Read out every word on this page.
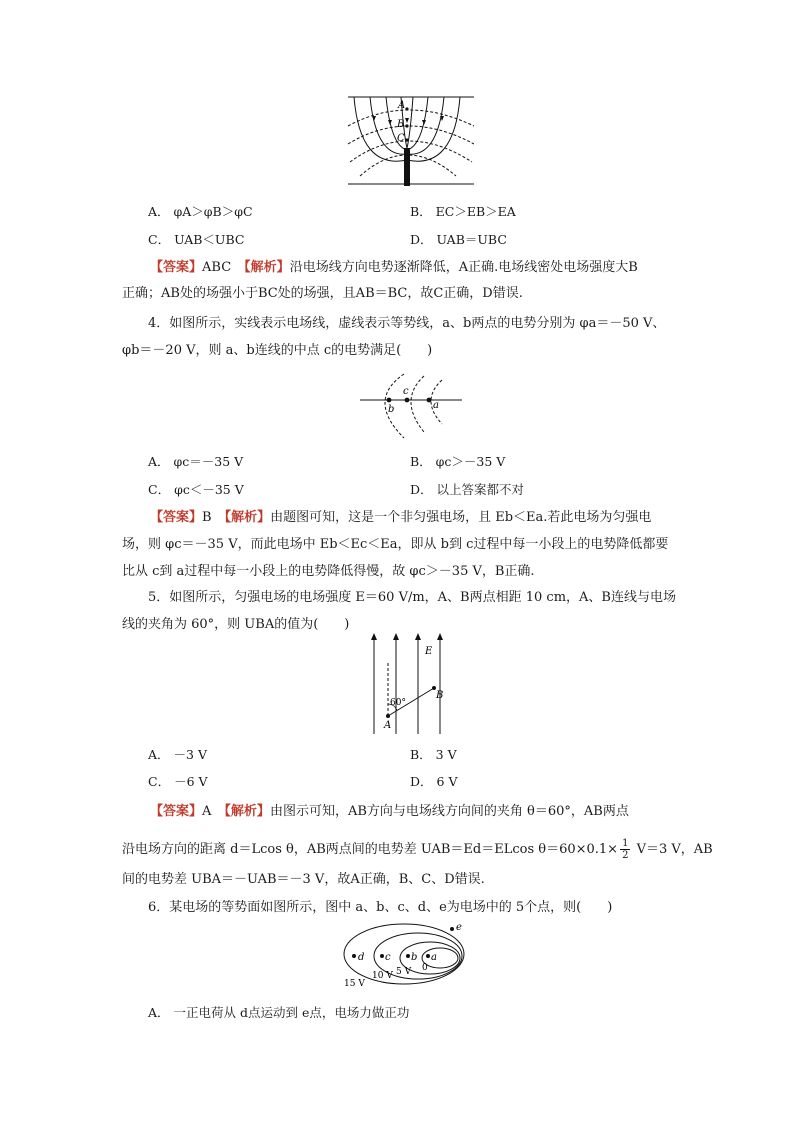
A
B
C
A． φA＞φB＞φC	B． EC＞EB＞EA
C． UAB＜UBC	D． UAB＝UBC
【答案】ABC　 【解析】沿电场线方向电势逐渐降低，A正确.电场线密处电场强度大B
正确；AB处的场强小于BC处的场强，且AB＝BC，故C正确，D错误.
4．如图所示，实线表示电场线，虚线表示等势线，a、b两点的电势分别为 φa＝－50 V、
φb＝－20 V，则 a、b连线的中点 c的电势满足(　　)
b
c
a
A． φc＝－35 V	B． φc＞－35 V
C． φc＜－35 V	D． 以上答案都不对
【答案】B　 【解析】由题图可知，这是一个非匀强电场，且 Eb＜Ea.若此电场为匀强电
场，则 φc＝－35 V，而此电场中 Eb＜Ec＜Ea，即从 b到 c过程中每一小段上的电势降低都要
比从 c到 a过程中每一小段上的电势降低得慢，故 φc＞－35 V，B正确.
5．如图所示，匀强电场的电场强度 E＝60 V/m，A、B两点相距 10 cm，A、B连线与电场
线的夹角为 60°，则 UBA的值为(　　)
E
A
B
60°
A． －3 V	B． 3 V
C． －6 V	D． 6 V
【答案】A　 【解析】由图示可知，AB方向与电场线方向间的夹角 θ＝60°，AB两点
沿电场方向的距离 d＝Lcos θ，AB两点间的电势差 UAB＝Ed＝ELcos $\theta=60\times 0.1\times \frac{1}{2} V=3$ V，AB
间的电势差 UBA＝－UAB＝－3 V，故A正确，B、C、D错误.
6．某电场的等势面如图所示，图中 a、b、c、d、e为电场中的 5个点，则(　　)
d c b a
e
0
5 V
10 V
15 V
A． 一正电荷从 d点运动到 e点，电场力做正功
